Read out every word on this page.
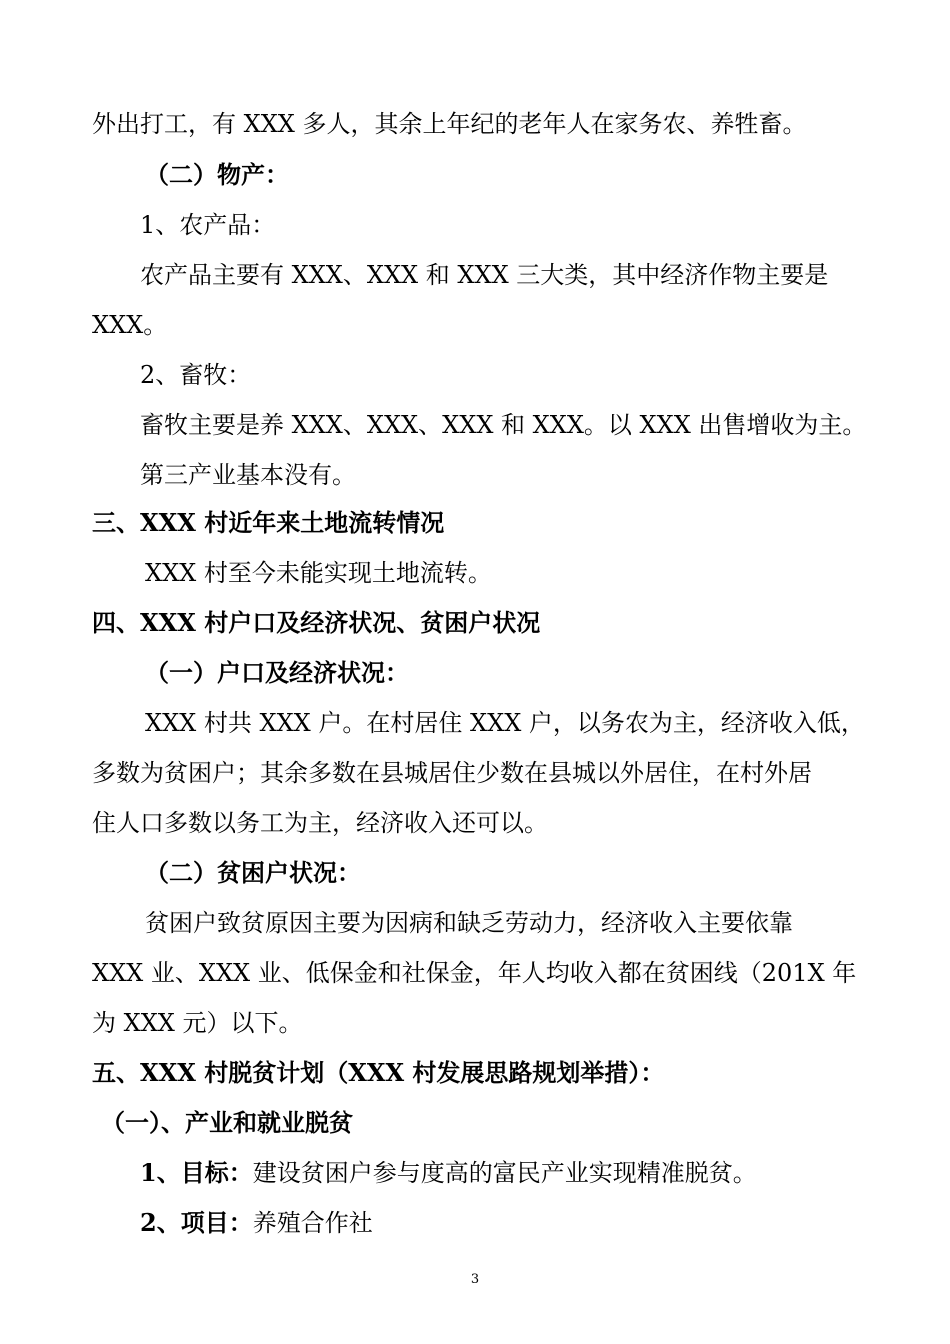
外出打工，有 XXX 多人，其余上年纪的老年人在家务农、养牲畜。

（二）物产：

1、农产品：

农产品主要有 XXX、XXX 和 XXX 三大类，其中经济作物主要是

XXX。

2、畜牧：

畜牧主要是养 XXX、XXX、XXX 和 XXX。以 XXX 出售增收为主。

第三产业基本没有。

三、XXX 村近年来土地流转情况

XXX 村至今未能实现土地流转。

四、XXX 村户口及经济状况、贫困户状况

（一）户口及经济状况：

XXX 村共 XXX 户。在村居住 XXX 户，以务农为主，经济收入低，

多数为贫困户；其余多数在县城居住少数在县城以外居住，在村外居

住人口多数以务工为主，经济收入还可以。

（二）贫困户状况：

贫困户致贫原因主要为因病和缺乏劳动力，经济收入主要依靠

XXX 业、XXX 业、低保金和社保金，年人均收入都在贫困线（201X 年

为 XXX 元）以下。

五、XXX 村脱贫计划（XXX 村发展思路规划举措）：

（一）、产业和就业脱贫

1、目标：建设贫困户参与度高的富民产业实现精准脱贫。

2、项目：养殖合作社

3
